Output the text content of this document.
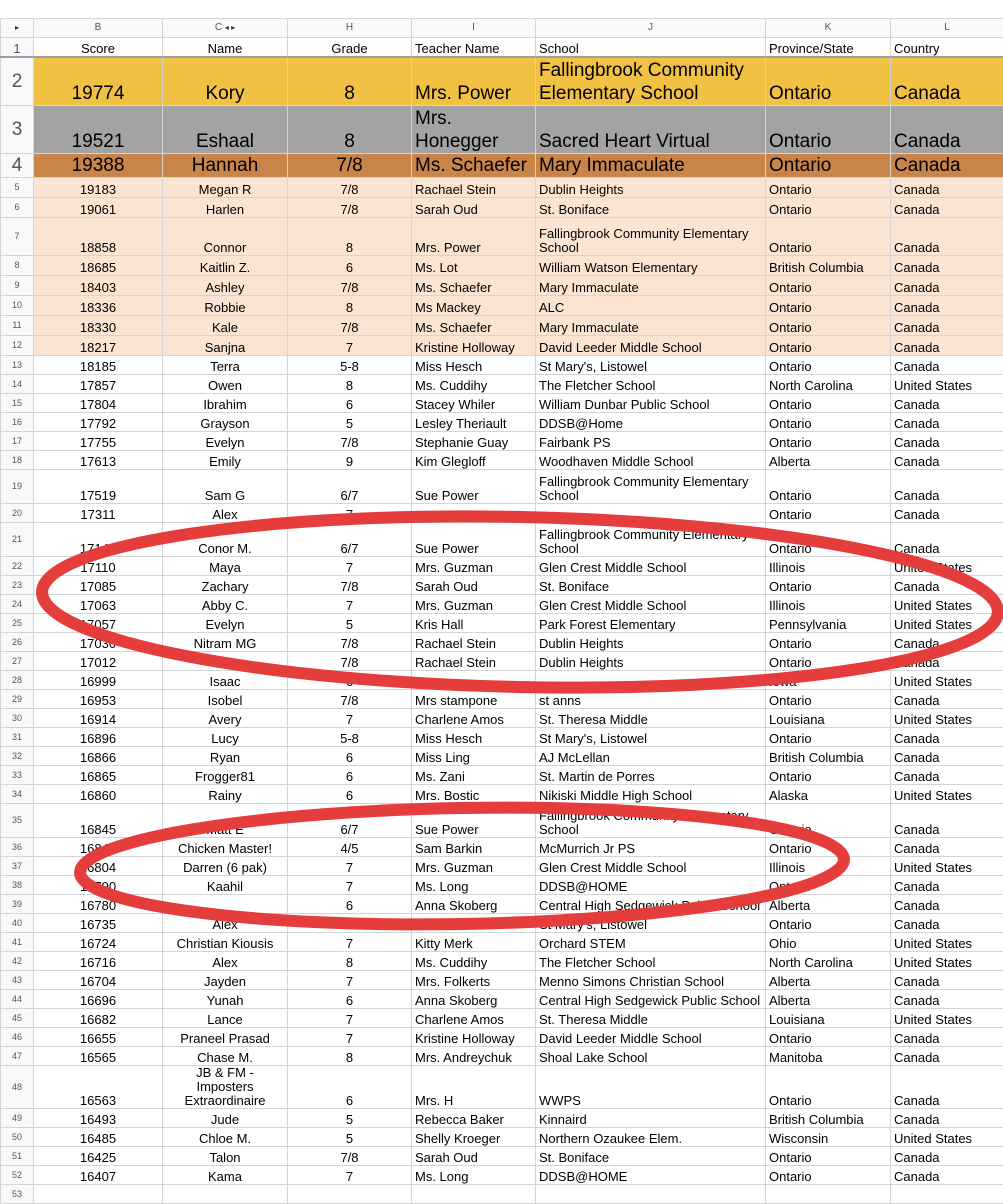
▸	B	C ◂ ▸	H	I	J	K	L
1	Score	Name	Grade	Teacher Name	School	Province/State	Country
2	19774	Kory	8	Mrs. Power	Fallingbrook Community Elementary School	Ontario	Canada
3	19521	Eshaal	8	Mrs. Honegger	Sacred Heart Virtual	Ontario	Canada
4	19388	Hannah	7/8	Ms. Schaefer	Mary Immaculate	Ontario	Canada
5	19183	Megan R	7/8	Rachael Stein	Dublin Heights	Ontario	Canada
6	19061	Harlen	7/8	Sarah Oud	St. Boniface	Ontario	Canada
7	18858	Connor	8	Mrs. Power	Fallingbrook Community Elementary School	Ontario	Canada
8	18685	Kaitlin Z.	6	Ms. Lot	William Watson Elementary	British Columbia	Canada
9	18403	Ashley	7/8	Ms. Schaefer	Mary Immaculate	Ontario	Canada
10	18336	Robbie	8	Ms Mackey	ALC	Ontario	Canada
11	18330	Kale	7/8	Ms. Schaefer	Mary Immaculate	Ontario	Canada
12	18217	Sanjna	7	Kristine Holloway	David Leeder Middle School	Ontario	Canada
13	18185	Terra	5-8	Miss Hesch	St Mary's, Listowel	Ontario	Canada
14	17857	Owen	8	Ms. Cuddihy	The Fletcher School	North Carolina	United States
15	17804	Ibrahim	6	Stacey Whiler	William Dunbar Public School	Ontario	Canada
16	17792	Grayson	5	Lesley Theriault	DDSB@Home	Ontario	Canada
17	17755	Evelyn	7/8	Stephanie Guay	Fairbank PS	Ontario	Canada
18	17613	Emily	9	Kim Glegloff	Woodhaven Middle School	Alberta	Canada
19	17519	Sam G	6/7	Sue Power	Fallingbrook Community Elementary School	Ontario	Canada
20	17311	Alex	7			Ontario	Canada
21	17143	Conor M.	6/7	Sue Power	Fallingbrook Community Elementary School	Ontario	Canada
22	17110	Maya	7	Mrs. Guzman	Glen Crest Middle School	Illinois	United States
23	17085	Zachary	7/8	Sarah Oud	St. Boniface	Ontario	Canada
24	17063	Abby C.	7	Mrs. Guzman	Glen Crest Middle School	Illinois	United States
25	17057	Evelyn	5	Kris Hall	Park Forest Elementary	Pennsylvania	United States
26	17030	Nitram MG	7/8	Rachael Stein	Dublin Heights	Ontario	Canada
27	17012		7/8	Rachael Stein	Dublin Heights	Ontario	Canada
28	16999	Isaac	6			Iowa	United States
29	16953	Isobel	7/8	Mrs stampone	st anns	Ontario	Canada
30	16914	Avery	7	Charlene Amos	St. Theresa Middle	Louisiana	United States
31	16896	Lucy	5-8	Miss Hesch	St Mary's, Listowel	Ontario	Canada
32	16866	Ryan	6	Miss Ling	AJ McLellan	British Columbia	Canada
33	16865	Frogger81	6	Ms. Zani	St. Martin de Porres	Ontario	Canada
34	16860	Rainy	6	Mrs. Bostic	Nikiski Middle High School	Alaska	United States
35	16845	Matt E	6/7	Sue Power	Fallingbrook Community Elementary School	Ontario	Canada
36	16842	Chicken Master!	4/5	Sam Barkin	McMurrich Jr PS	Ontario	Canada
37	16804	Darren (6 pak)	7	Mrs. Guzman	Glen Crest Middle School	Illinois	United States
38	16790	Kaahil	7	Ms. Long	DDSB@HOME	Ontario	Canada
39	16780		6	Anna Skoberg	Central High Sedgewick Public School	Alberta	Canada
40	16735	Alex	5-8	Miss Hesch	St Mary's, Listowel	Ontario	Canada
41	16724	Christian Kiousis	7	Kitty Merk	Orchard STEM	Ohio	United States
42	16716	Alex	8	Ms. Cuddihy	The Fletcher School	North Carolina	United States
43	16704	Jayden	7	Mrs. Folkerts	Menno Simons Christian School	Alberta	Canada
44	16696	Yunah	6	Anna Skoberg	Central High Sedgewick Public School	Alberta	Canada
45	16682	Lance	7	Charlene Amos	St. Theresa Middle	Louisiana	United States
46	16655	Praneel Prasad	7	Kristine Holloway	David Leeder Middle School	Ontario	Canada
47	16565	Chase M.	8	Mrs. Andreychuk	Shoal Lake School	Manitoba	Canada
48	16563	JB & FM - Imposters Extraordinaire	6	Mrs. H	WWPS	Ontario	Canada
49	16493	Jude	5	Rebecca Baker	Kinnaird	British Columbia	Canada
50	16485	Chloe M.	5	Shelly Kroeger	Northern Ozaukee Elem.	Wisconsin	United States
51	16425	Talon	7/8	Sarah Oud	St. Boniface	Ontario	Canada
52	16407	Kama	7	Ms. Long	DDSB@HOME	Ontario	Canada
53							
